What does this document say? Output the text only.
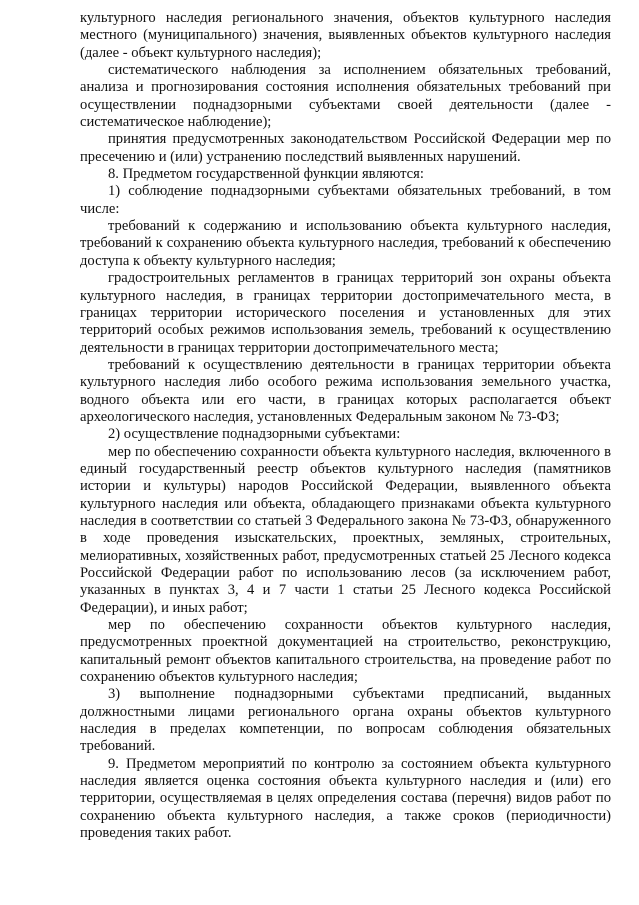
культурного наследия регионального значения, объектов культурного наследия местного (муниципального) значения, выявленных объектов культурного наследия (далее - объект культурного наследия);

систематического наблюдения за исполнением обязательных требований, анализа и прогнозирования состояния исполнения обязательных требований при осуществлении поднадзорными субъектами своей деятельности (далее - систематическое наблюдение);

принятия предусмотренных законодательством Российской Федерации мер по пресечению и (или) устранению последствий выявленных нарушений.

8. Предметом государственной функции являются:

1) соблюдение поднадзорными субъектами обязательных требований, в том числе:

требований к содержанию и использованию объекта культурного наследия, требований к сохранению объекта культурного наследия, требований к обеспечению доступа к объекту культурного наследия;

градостроительных регламентов в границах территорий зон охраны объекта культурного наследия, в границах территории достопримечательного места, в границах территории исторического поселения и установленных для этих территорий особых режимов использования земель, требований к осуществлению деятельности в границах территории достопримечательного места;

требований к осуществлению деятельности в границах территории объекта культурного наследия либо особого режима использования земельного участка, водного объекта или его части, в границах которых располагается объект археологического наследия, установленных Федеральным законом № 73-ФЗ;

2) осуществление поднадзорными субъектами:

мер по обеспечению сохранности объекта культурного наследия, включенного в единый государственный реестр объектов культурного наследия (памятников истории и культуры) народов Российской Федерации, выявленного объекта культурного наследия или объекта, обладающего признаками объекта культурного наследия в соответствии со статьей 3 Федерального закона № 73-ФЗ, обнаруженного в ходе проведения изыскательских, проектных, земляных, строительных, мелиоративных, хозяйственных работ, предусмотренных статьей 25 Лесного кодекса Российской Федерации работ по использованию лесов (за исключением работ, указанных в пунктах 3, 4 и 7 части 1 статьи 25 Лесного кодекса Российской Федерации), и иных работ;

мер по обеспечению сохранности объектов культурного наследия, предусмотренных проектной документацией на строительство, реконструкцию, капитальный ремонт объектов капитального строительства, на проведение работ по сохранению объектов культурного наследия;

3) выполнение поднадзорными субъектами предписаний, выданных должностными лицами регионального органа охраны объектов культурного наследия в пределах компетенции, по вопросам соблюдения обязательных требований.

9. Предметом мероприятий по контролю за состоянием объекта культурного наследия является оценка состояния объекта культурного наследия и (или) его территории, осуществляемая в целях определения состава (перечня) видов работ по сохранению объекта культурного наследия, а также сроков (периодичности) проведения таких работ.
